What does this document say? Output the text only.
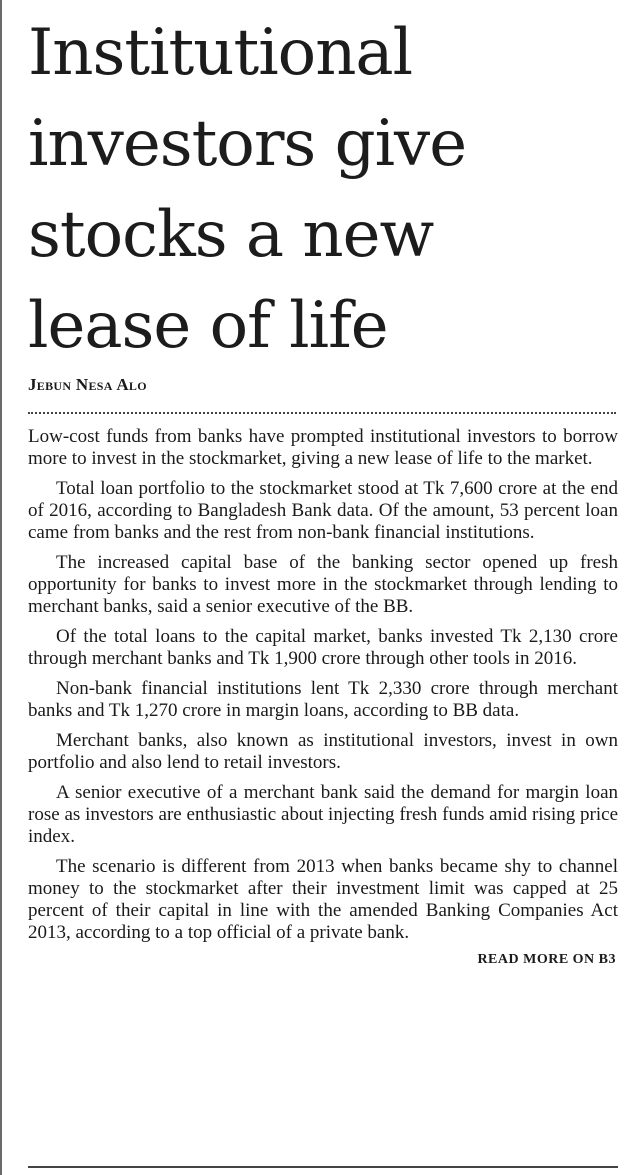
Institutional
investors give
stocks a new
lease of life
Jebun Nesa Alo

Low-cost funds from banks have prompted institutional investors to borrow more to invest in the stockmarket, giving a new lease of life to the market.

Total loan portfolio to the stockmarket stood at Tk 7,600 crore at the end of 2016, according to Bangladesh Bank data. Of the amount, 53 percent loan came from banks and the rest from non-bank financial institutions.

The increased capital base of the banking sector opened up fresh opportunity for banks to invest more in the stockmarket through lending to merchant banks, said a senior executive of the BB.

Of the total loans to the capital market, banks invested Tk 2,130 crore through merchant banks and Tk 1,900 crore through other tools in 2016.

Non-bank financial institutions lent Tk 2,330 crore through merchant banks and Tk 1,270 crore in margin loans, according to BB data.

Merchant banks, also known as institutional investors, invest in own portfolio and also lend to retail investors.

A senior executive of a merchant bank said the demand for margin loan rose as investors are enthusiastic about injecting fresh funds amid rising price index.

The scenario is different from 2013 when banks became shy to channel money to the stockmarket after their investment limit was capped at 25 percent of their capital in line with the amended Banking Companies Act 2013, according to a top official of a private bank.

READ MORE ON B3
